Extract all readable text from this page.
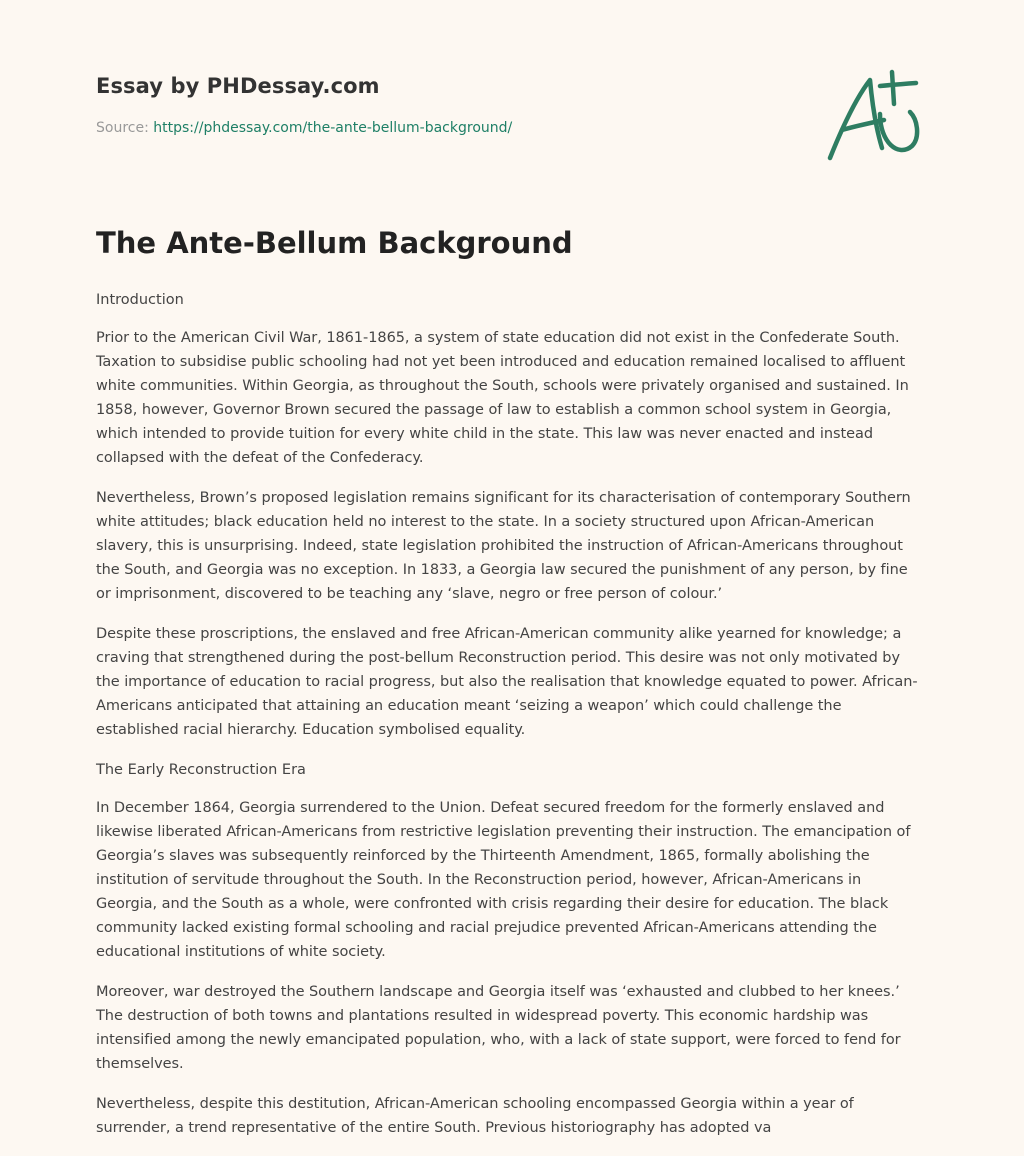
Essay by PHDessay.com
Source: https://phdessay.com/the-ante-bellum-background/
The Ante-Bellum Background
Introduction

Prior to the American Civil War, 1861-1865, a system of state education did not exist in the Confederate South. Taxation to subsidise public schooling had not yet been introduced and education remained localised to affluent white communities. Within Georgia, as throughout the South, schools were privately organised and sustained. In 1858, however, Governor Brown secured the passage of law to establish a common school system in Georgia, which intended to provide tuition for every white child in the state. This law was never enacted and instead collapsed with the defeat of the Confederacy.

Nevertheless, Brown’s proposed legislation remains significant for its characterisation of contemporary Southern white attitudes; black education held no interest to the state. In a society structured upon African-American slavery, this is unsurprising. Indeed, state legislation prohibited the instruction of African-Americans throughout the South, and Georgia was no exception. In 1833, a Georgia law secured the punishment of any person, by fine or imprisonment, discovered to be teaching any ‘slave, negro or free person of colour.’

Despite these proscriptions, the enslaved and free African-American community alike yearned for knowledge; a craving that strengthened during the post-bellum Reconstruction period. This desire was not only motivated by the importance of education to racial progress, but also the realisation that knowledge equated to power. African-Americans anticipated that attaining an education meant ‘seizing a weapon’ which could challenge the established racial hierarchy. Education symbolised equality.

The Early Reconstruction Era

In December 1864, Georgia surrendered to the Union. Defeat secured freedom for the formerly enslaved and likewise liberated African-Americans from restrictive legislation preventing their instruction. The emancipation of Georgia’s slaves was subsequently reinforced by the Thirteenth Amendment, 1865, formally abolishing the institution of servitude throughout the South. In the Reconstruction period, however, African-Americans in Georgia, and the South as a whole, were confronted with crisis regarding their desire for education. The black community lacked existing formal schooling and racial prejudice prevented African-Americans attending the educational institutions of white society.

Moreover, war destroyed the Southern landscape and Georgia itself was ‘exhausted and clubbed to her knees.’ The destruction of both towns and plantations resulted in widespread poverty. This economic hardship was intensified among the newly emancipated population, who, with a lack of state support, were forced to fend for themselves.

Nevertheless, despite this destitution, African-American schooling encompassed Georgia within a year of surrender, a trend representative of the entire South. Previous historiography has adopted va
